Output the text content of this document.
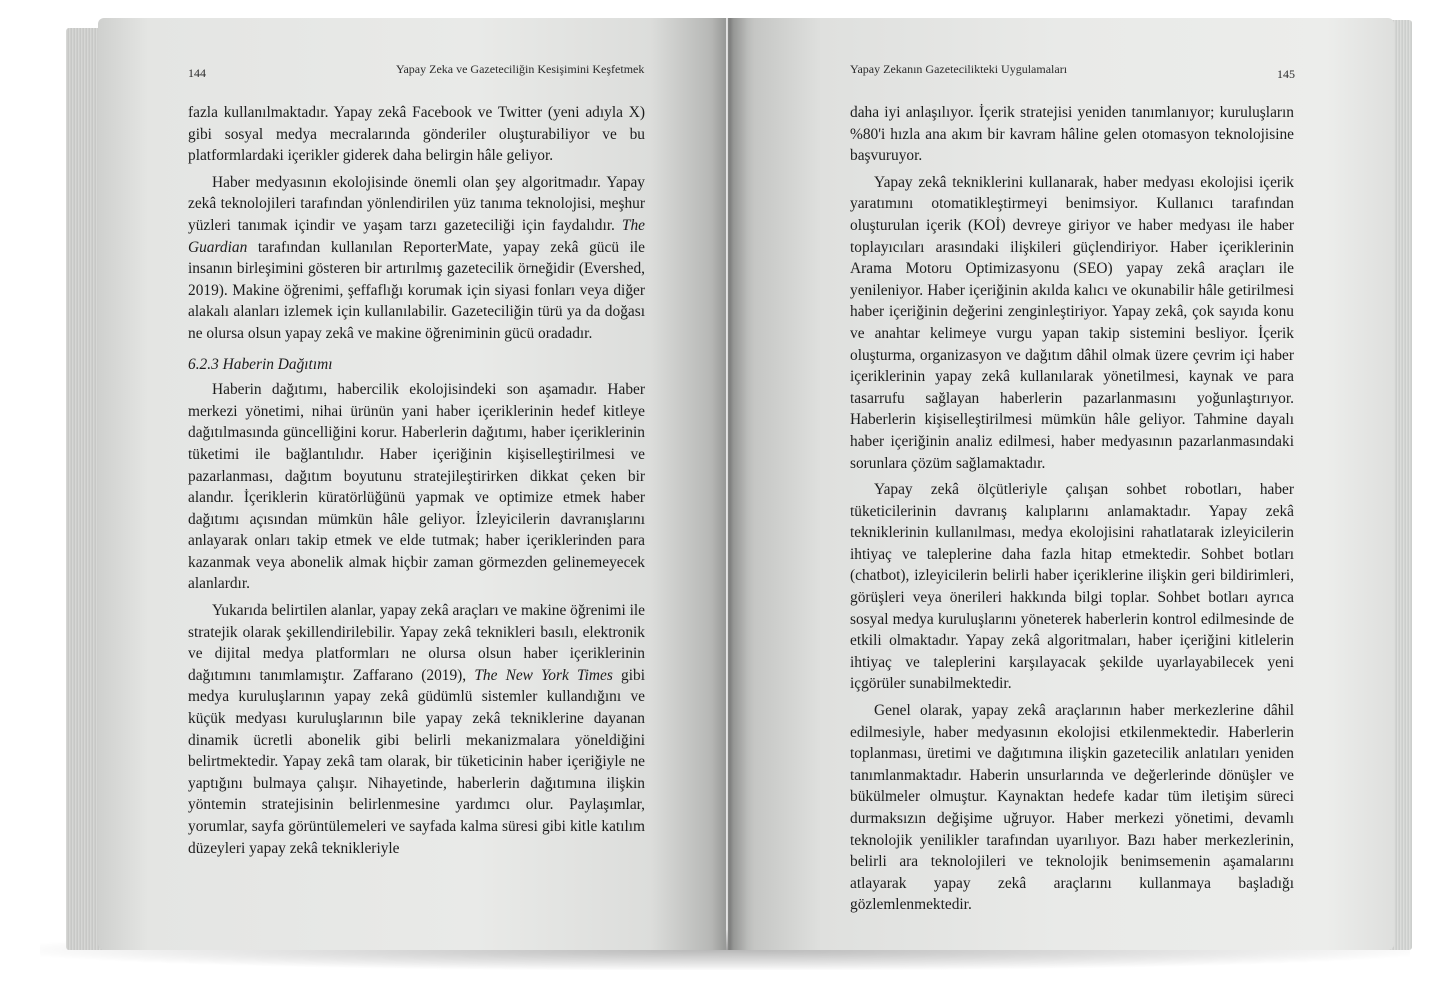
144	Yapay Zeka ve Gazeteciliğin Kesişimini Keşfetmek

fazla kullanılmaktadır. Yapay zekâ Facebook ve Twitter (yeni adıyla X) gibi sosyal medya mecralarında gönderiler oluşturabiliyor ve bu platformlardaki içerikler giderek daha belirgin hâle geliyor.

Haber medyasının ekolojisinde önemli olan şey algoritmadır. Yapay zekâ teknolojileri tarafından yönlendirilen yüz tanıma teknolojisi, meşhur yüzleri tanımak içindir ve yaşam tarzı gazeteciliği için faydalıdır. The Guardian tarafından kullanılan ReporterMate, yapay zekâ gücü ile insanın birleşimini gösteren bir artırılmış gazetecilik örneğidir (Evershed, 2019). Makine öğrenimi, şeffaflığı korumak için siyasi fonları veya diğer alakalı alanları izlemek için kullanılabilir. Gazeteciliğin türü ya da doğası ne olursa olsun yapay zekâ ve makine öğreniminin gücü oradadır.

6.2.3 Haberin Dağıtımı

Haberin dağıtımı, habercilik ekolojisindeki son aşamadır. Haber merkezi yönetimi, nihai ürünün yani haber içeriklerinin hedef kitleye dağıtılmasında güncelliğini korur. Haberlerin dağıtımı, haber içeriklerinin tüketimi ile bağlantılıdır. Haber içeriğinin kişiselleştirilmesi ve pazarlanması, dağıtım boyutunu stratejileştirirken dikkat çeken bir alandır. İçeriklerin küratörlüğünü yapmak ve optimize etmek haber dağıtımı açısından mümkün hâle geliyor. İzleyicilerin davranışlarını anlayarak onları takip etmek ve elde tutmak; haber içeriklerinden para kazanmak veya abonelik almak hiçbir zaman görmezden gelinemeyecek alanlardır.

Yukarıda belirtilen alanlar, yapay zekâ araçları ve makine öğrenimi ile stratejik olarak şekillendirilebilir. Yapay zekâ teknikleri basılı, elektronik ve dijital medya platformları ne olursa olsun haber içeriklerinin dağıtımını tanımlamıştır. Zaffarano (2019), The New York Times gibi medya kuruluşlarının yapay zekâ güdümlü sistemler kullandığını ve küçük medyası kuruluşlarının bile yapay zekâ tekniklerine dayanan dinamik ücretli abonelik gibi belirli mekanizmalara yöneldiğini belirtmektedir. Yapay zekâ tam olarak, bir tüketicinin haber içeriğiyle ne yaptığını bulmaya çalışır. Nihayetinde, haberlerin dağıtımına ilişkin yöntemin stratejisinin belirlenmesine yardımcı olur. Paylaşımlar, yorumlar, sayfa görüntülemeleri ve sayfada kalma süresi gibi kitle katılım düzeyleri yapay zekâ teknikleriyle

Yapay Zekanın Gazetecilikteki Uygulamaları	145

daha iyi anlaşılıyor. İçerik stratejisi yeniden tanımlanıyor; kuruluşların %80'i hızla ana akım bir kavram hâline gelen otomasyon teknolojisine başvuruyor.

Yapay zekâ tekniklerini kullanarak, haber medyası ekolojisi içerik yaratımını otomatikleştirmeyi benimsiyor. Kullanıcı tarafından oluşturulan içerik (KOİ) devreye giriyor ve haber medyası ile haber toplayıcıları arasındaki ilişkileri güçlendiriyor. Haber içeriklerinin Arama Motoru Optimizasyonu (SEO) yapay zekâ araçları ile yenileniyor. Haber içeriğinin akılda kalıcı ve okunabilir hâle getirilmesi haber içeriğinin değerini zenginleştiriyor. Yapay zekâ, çok sayıda konu ve anahtar kelimeye vurgu yapan takip sistemini besliyor. İçerik oluşturma, organizasyon ve dağıtım dâhil olmak üzere çevrim içi haber içeriklerinin yapay zekâ kullanılarak yönetilmesi, kaynak ve para tasarrufu sağlayan haberlerin pazarlanmasını yoğunlaştırıyor. Haberlerin kişiselleştirilmesi mümkün hâle geliyor. Tahmine dayalı haber içeriğinin analiz edilmesi, haber medyasının pazarlanmasındaki sorunlara çözüm sağlamaktadır.

Yapay zekâ ölçütleriyle çalışan sohbet robotları, haber tüketicilerinin davranış kalıplarını anlamaktadır. Yapay zekâ tekniklerinin kullanılması, medya ekolojisini rahatlatarak izleyicilerin ihtiyaç ve taleplerine daha fazla hitap etmektedir. Sohbet botları (chatbot), izleyicilerin belirli haber içeriklerine ilişkin geri bildirimleri, görüşleri veya önerileri hakkında bilgi toplar. Sohbet botları ayrıca sosyal medya kuruluşlarını yöneterek haberlerin kontrol edilmesinde de etkili olmaktadır. Yapay zekâ algoritmaları, haber içeriğini kitlelerin ihtiyaç ve taleplerini karşılayacak şekilde uyarlayabilecek yeni içgörüler sunabilmektedir.

Genel olarak, yapay zekâ araçlarının haber merkezlerine dâhil edilmesiyle, haber medyasının ekolojisi etkilenmektedir. Haberlerin toplanması, üretimi ve dağıtımına ilişkin gazetecilik anlatıları yeniden tanımlanmaktadır. Haberin unsurlarında ve değerlerinde dönüşler ve bükülmeler olmuştur. Kaynaktan hedefe kadar tüm iletişim süreci durmaksızın değişime uğruyor. Haber merkezi yönetimi, devamlı teknolojik yenilikler tarafından uyarılıyor. Bazı haber merkezlerinin, belirli ara teknolojileri ve teknolojik benimsemenin aşamalarını atlayarak yapay zekâ araçlarını kullanmaya başladığı gözlemlenmektedir.
